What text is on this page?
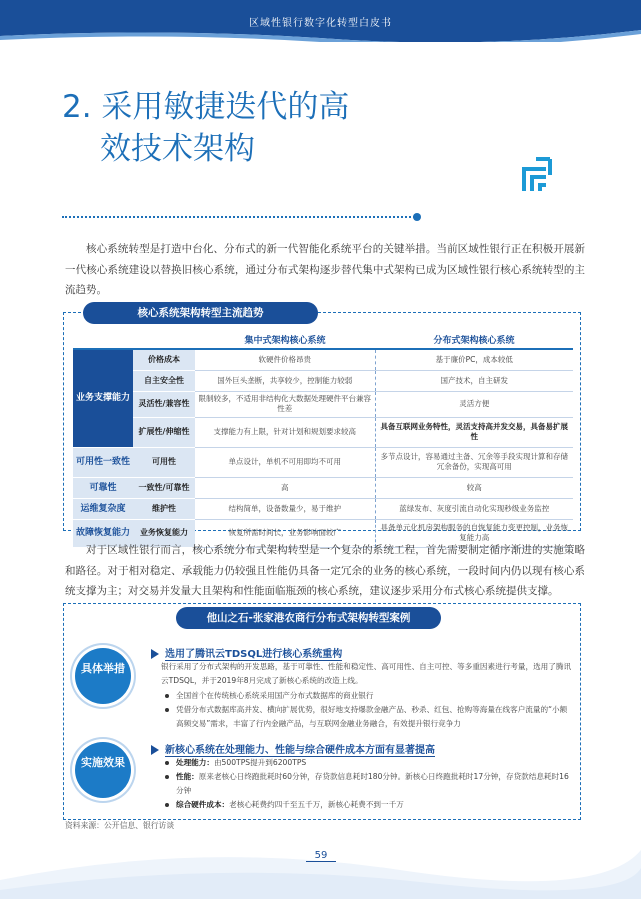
区域性银行数字化转型白皮书
2. 采用敏捷迭代的高
效技术架构

核心系统转型是打造中台化、分布式的新一代智能化系统平台的关键举措。当前区域性银行正在积极开展新一代核心系统建设以替换旧核心系统，通过分布式架构逐步替代集中式架构已成为区域性银行核心系统转型的主流趋势。

核心系统架构转型主流趋势
		集中式架构核心系统	分布式架构核心系统
业务支撑能力	价格成本	软硬件价格昂贵	基于廉价PC，成本较低
	自主安全性	国外巨头垄断，共享较少，控制能力较弱	国产技术，自主研发
	灵活性/兼容性	限制较多，不适用非结构化大数据处理硬件平台兼容性差	灵活方便
	扩展性/伸缩性	支撑能力有上限，针对计划和规划要求较高	具备互联网业务特性，灵活支持高并发交易，具备易扩展性
可用性一致性	可用性	单点设计，单机不可用即均不可用	多节点设计，容易通过主备、冗余等手段实现计算和存储冗余备份，实现高可用
可靠性	一致性/可靠性	高	较高
运维复杂度	维护性	结构简单，设备数量少，易于维护	蓝绿发布、灰度引流自动化实现秒级业务监控
故障恢复能力	业务恢复能力	恢复所需时间长，业务影响面较广	具备单元化机房架构服务的自恢复能力变更控制，业务恢复能力高

对于区域性银行而言，核心系统分布式架构转型是一个复杂的系统工程，首先需要制定循序渐进的实施策略和路径。对于相对稳定、承载能力仍较强且性能仍具备一定冗余的业务的核心系统，一段时间内仍以现有核心系统支撑为主；对交易并发量大且架构和性能面临瓶颈的核心系统，建议逐步采用分布式核心系统提供支撑。

他山之石-张家港农商行分布式架构转型案例
具体举措
实施效果
选用了腾讯云TDSQL进行核心系统重构

银行采用了分布式架构的开发思路，基于可靠性、性能和稳定性、高可用性、自主可控、等多重因素进行考量，选用了腾讯云TDSQL，并于2019年8月完成了新核心系统的改造上线。

全国首个在传统核心系统采用国产分布式数据库的商业银行
凭借分布式数据库高并发、横向扩展优势，很好地支持爆款金融产品、秒杀、红包、抢购等海量在线客户流量的“小额高频交易”需求，丰富了行内金融产品，与互联网金融业务融合，有效提升银行竞争力
新核心系统在处理能力、性能与综合硬件成本方面有显著提高
处理能力：由500TPS提升到6200TPS
性能：原来老核心日终跑批耗时60分钟，存贷款信息耗时180分钟。新核心日终跑批耗时17分钟，存贷款结息耗时16分钟
综合硬件成本：老核心耗费约四千至五千万，新核心耗费不到一千万
资料来源：公开信息、银行访谈
59
